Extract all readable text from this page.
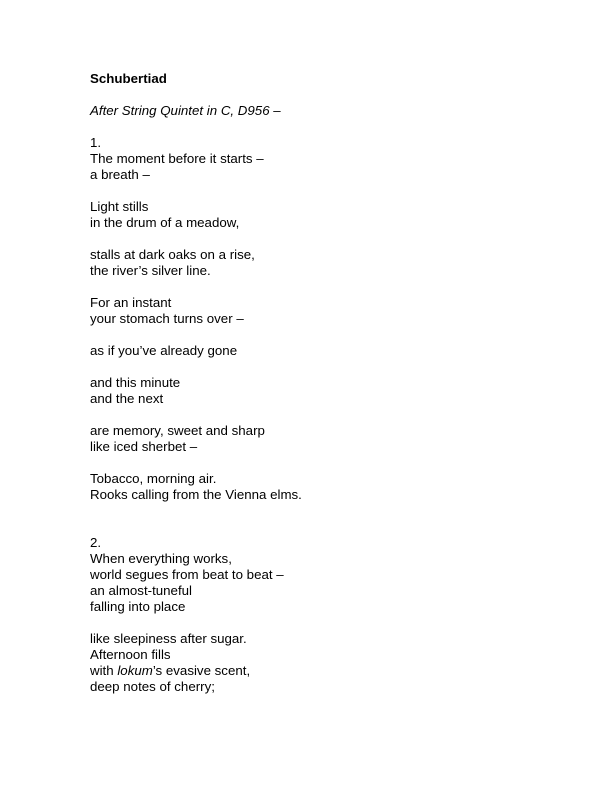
Schubertiad
After String Quintet in C, D956 –
1.
The moment before it starts –
a breath –
Light stills
in the drum of a meadow,
stalls at dark oaks on a rise,
the river’s silver line.
For an instant
your stomach turns over –
as if you’ve already gone
and this minute
and the next
are memory, sweet and sharp
like iced sherbet –
Tobacco, morning air.
Rooks calling from the Vienna elms.
2.
When everything works,
world segues from beat to beat –
an almost-tuneful
falling into place
like sleepiness after sugar.
Afternoon fills
with lokum’s evasive scent,
deep notes of cherry;
